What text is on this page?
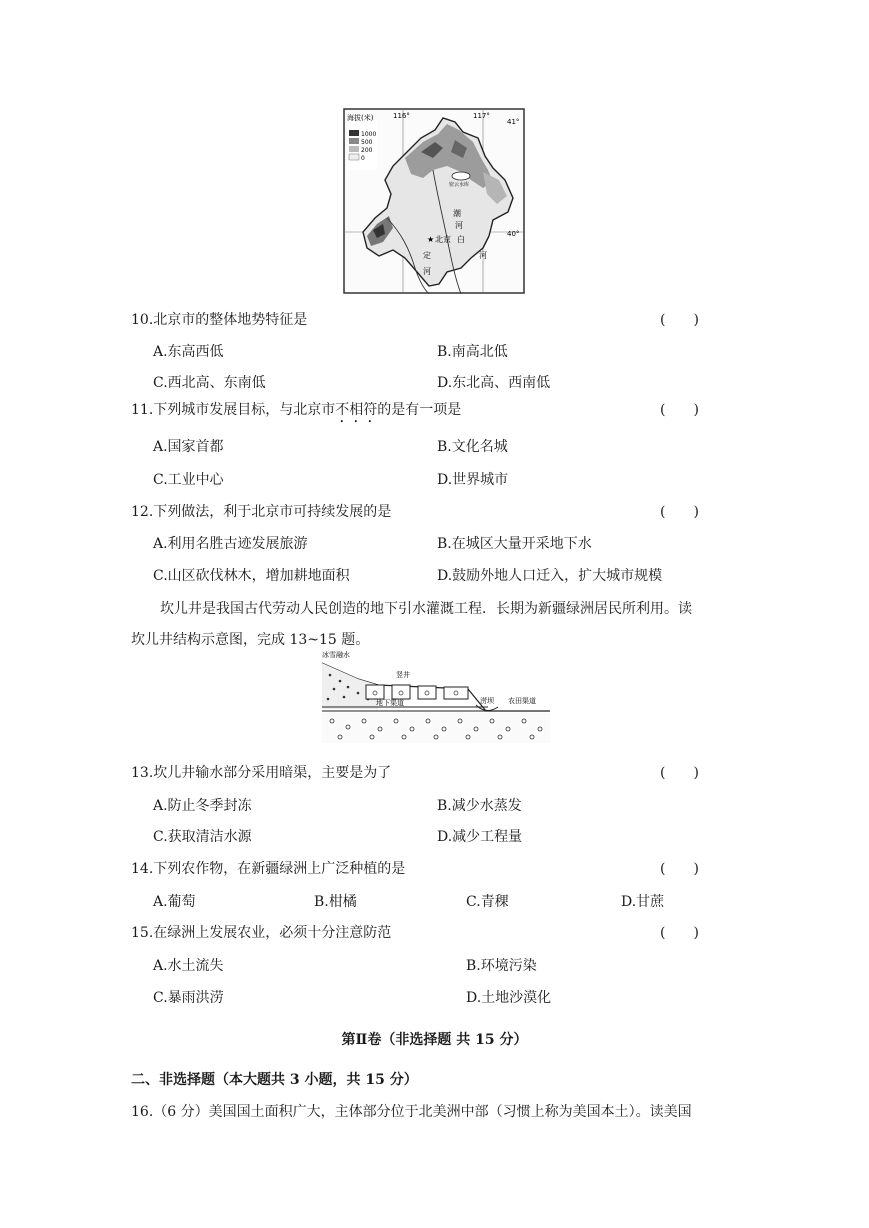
海拔(米)
1000
500
200
0
116°	117°
41°
40°
密云水库
★ 北京 白
潮
河
定
河
河
10.北京市的整体地势特征是	(　　)
A.东高西低	B.南高北低
C.西北高、东南低	D.东北高、西南低
11.下列城市发展目标，与北京市不相符的是有一项是	(　　)
A.国家首都	B.文化名城
C.工业中心	D.世界城市
12.下列做法，利于北京市可持续发展的是	(　　)
A.利用名胜古迹发展旅游	B.在城区大量开采地下水
C.山区砍伐林木，增加耕地面积	D.鼓励外地人口迁入，扩大城市规模
坎儿井是我国古代劳动人民创造的地下引水灌溉工程．长期为新疆绿洲居民所利用。读
坎儿井结构示意图，完成 13~15 题。
冰雪融水
竖井
地下渠道	涝坝 农田渠道
13.坎儿井输水部分采用暗渠，主要是为了	(　　)
A.防止冬季封冻	B.减少水蒸发
C.获取清洁水源	D.减少工程量
14.下列农作物，在新疆绿洲上广泛种植的是	(　　)
A.葡萄	B.柑橘	C.青稞	D.甘蔗
15.在绿洲上发展农业，必须十分注意防范	(　　)
A.水土流失	B.环境污染
C.暴雨洪涝	D.土地沙漠化
第Ⅱ卷（非选择题 共 15 分）
二、非选择题（本大题共 3 小题，共 15 分）
16.（6 分）美国国土面积广大，主体部分位于北美洲中部（习惯上称为美国本土）。读美国
